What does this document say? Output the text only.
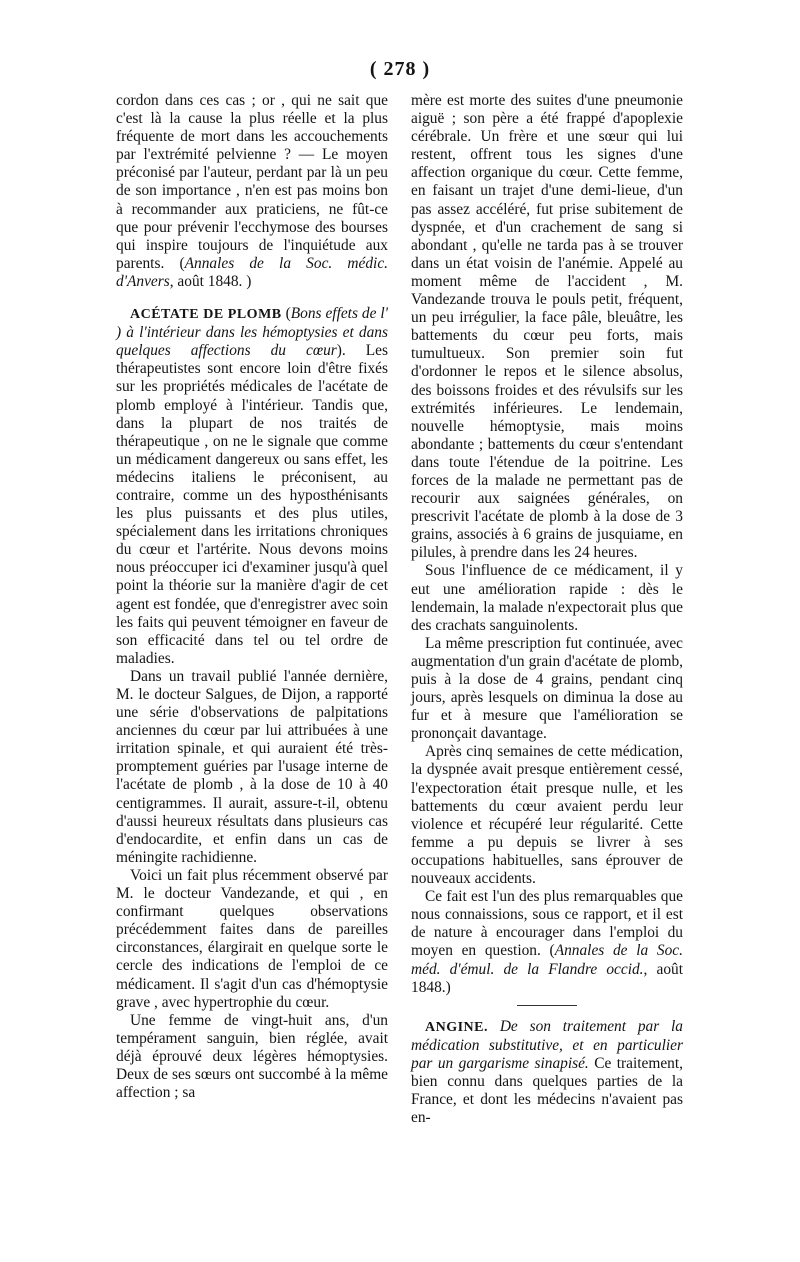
( 278 )

cordon dans ces cas ; or , qui ne sait que c'est là la cause la plus réelle et la plus fréquente de mort dans les accouchements par l'extrémité pelvienne ? — Le moyen préconisé par l'auteur, perdant par là un peu de son importance , n'en est pas moins bon à recommander aux praticiens, ne fût-ce que pour prévenir l'ecchymose des bourses qui inspire toujours de l'inquiétude aux parents. (Annales de la Soc. médic. d'Anvers, août 1848. )

ACÉTATE DE PLOMB (Bons effets de l' ) à l'intérieur dans les hémoptysies et dans quelques affections du cœur). Les thérapeutistes sont encore loin d'être fixés sur les propriétés médicales de l'acétate de plomb employé à l'intérieur. Tandis que, dans la plupart de nos traités de thérapeutique , on ne le signale que comme un médicament dangereux ou sans effet, les médecins italiens le préconisent, au contraire, comme un des hyposthénisants les plus puissants et des plus utiles, spécialement dans les irritations chroniques du cœur et l'artérite. Nous devons moins nous préoccuper ici d'examiner jusqu'à quel point la théorie sur la manière d'agir de cet agent est fondée, que d'enregistrer avec soin les faits qui peuvent témoigner en faveur de son efficacité dans tel ou tel ordre de maladies.

Dans un travail publié l'année dernière, M. le docteur Salgues, de Dijon, a rapporté une série d'observations de palpitations anciennes du cœur par lui attribuées à une irritation spinale, et qui auraient été très-promptement guéries par l'usage interne de l'acétate de plomb , à la dose de 10 à 40 centigrammes. Il aurait, assure-t-il, obtenu d'aussi heureux résultats dans plusieurs cas d'endocardite, et enfin dans un cas de méningite rachidienne.

Voici un fait plus récemment observé par M. le docteur Vandezande, et qui , en confirmant quelques observations précédemment faites dans de pareilles circonstances, élargirait en quelque sorte le cercle des indications de l'emploi de ce médicament. Il s'agit d'un cas d'hémoptysie grave , avec hypertrophie du cœur.

Une femme de vingt-huit ans, d'un tempérament sanguin, bien réglée, avait déjà éprouvé deux légères hémoptysies. Deux de ses sœurs ont succombé à la même affection ; sa

mère est morte des suites d'une pneumonie aiguë ; son père a été frappé d'apoplexie cérébrale. Un frère et une sœur qui lui restent, offrent tous les signes d'une affection organique du cœur. Cette femme, en faisant un trajet d'une demi-lieue, d'un pas assez accéléré, fut prise subitement de dyspnée, et d'un crachement de sang si abondant , qu'elle ne tarda pas à se trouver dans un état voisin de l'anémie. Appelé au moment même de l'accident , M. Vandezande trouva le pouls petit, fréquent, un peu irrégulier, la face pâle, bleuâtre, les battements du cœur peu forts, mais tumultueux. Son premier soin fut d'ordonner le repos et le silence absolus, des boissons froides et des révulsifs sur les extrémités inférieures. Le lendemain, nouvelle hémoptysie, mais moins abondante ; battements du cœur s'entendant dans toute l'étendue de la poitrine. Les forces de la malade ne permettant pas de recourir aux saignées générales, on prescrivit l'acétate de plomb à la dose de 3 grains, associés à 6 grains de jusquiame, en pilules, à prendre dans les 24 heures.

Sous l'influence de ce médicament, il y eut une amélioration rapide : dès le lendemain, la malade n'expectorait plus que des crachats sanguinolents.

La même prescription fut continuée, avec augmentation d'un grain d'acétate de plomb, puis à la dose de 4 grains, pendant cinq jours, après lesquels on diminua la dose au fur et à mesure que l'amélioration se prononçait davantage.

Après cinq semaines de cette médication, la dyspnée avait presque entièrement cessé, l'expectoration était presque nulle, et les battements du cœur avaient perdu leur violence et récupéré leur régularité. Cette femme a pu depuis se livrer à ses occupations habituelles, sans éprouver de nouveaux accidents.

Ce fait est l'un des plus remarquables que nous connaissions, sous ce rapport, et il est de nature à encourager dans l'emploi du moyen en question. (Annales de la Soc. méd. d'émul. de la Flandre occid., août 1848.)

ANGINE. De son traitement par la médication substitutive, et en particulier par un gargarisme sinapisé. Ce traitement, bien connu dans quelques parties de la France, et dont les médecins n'avaient pas en-
